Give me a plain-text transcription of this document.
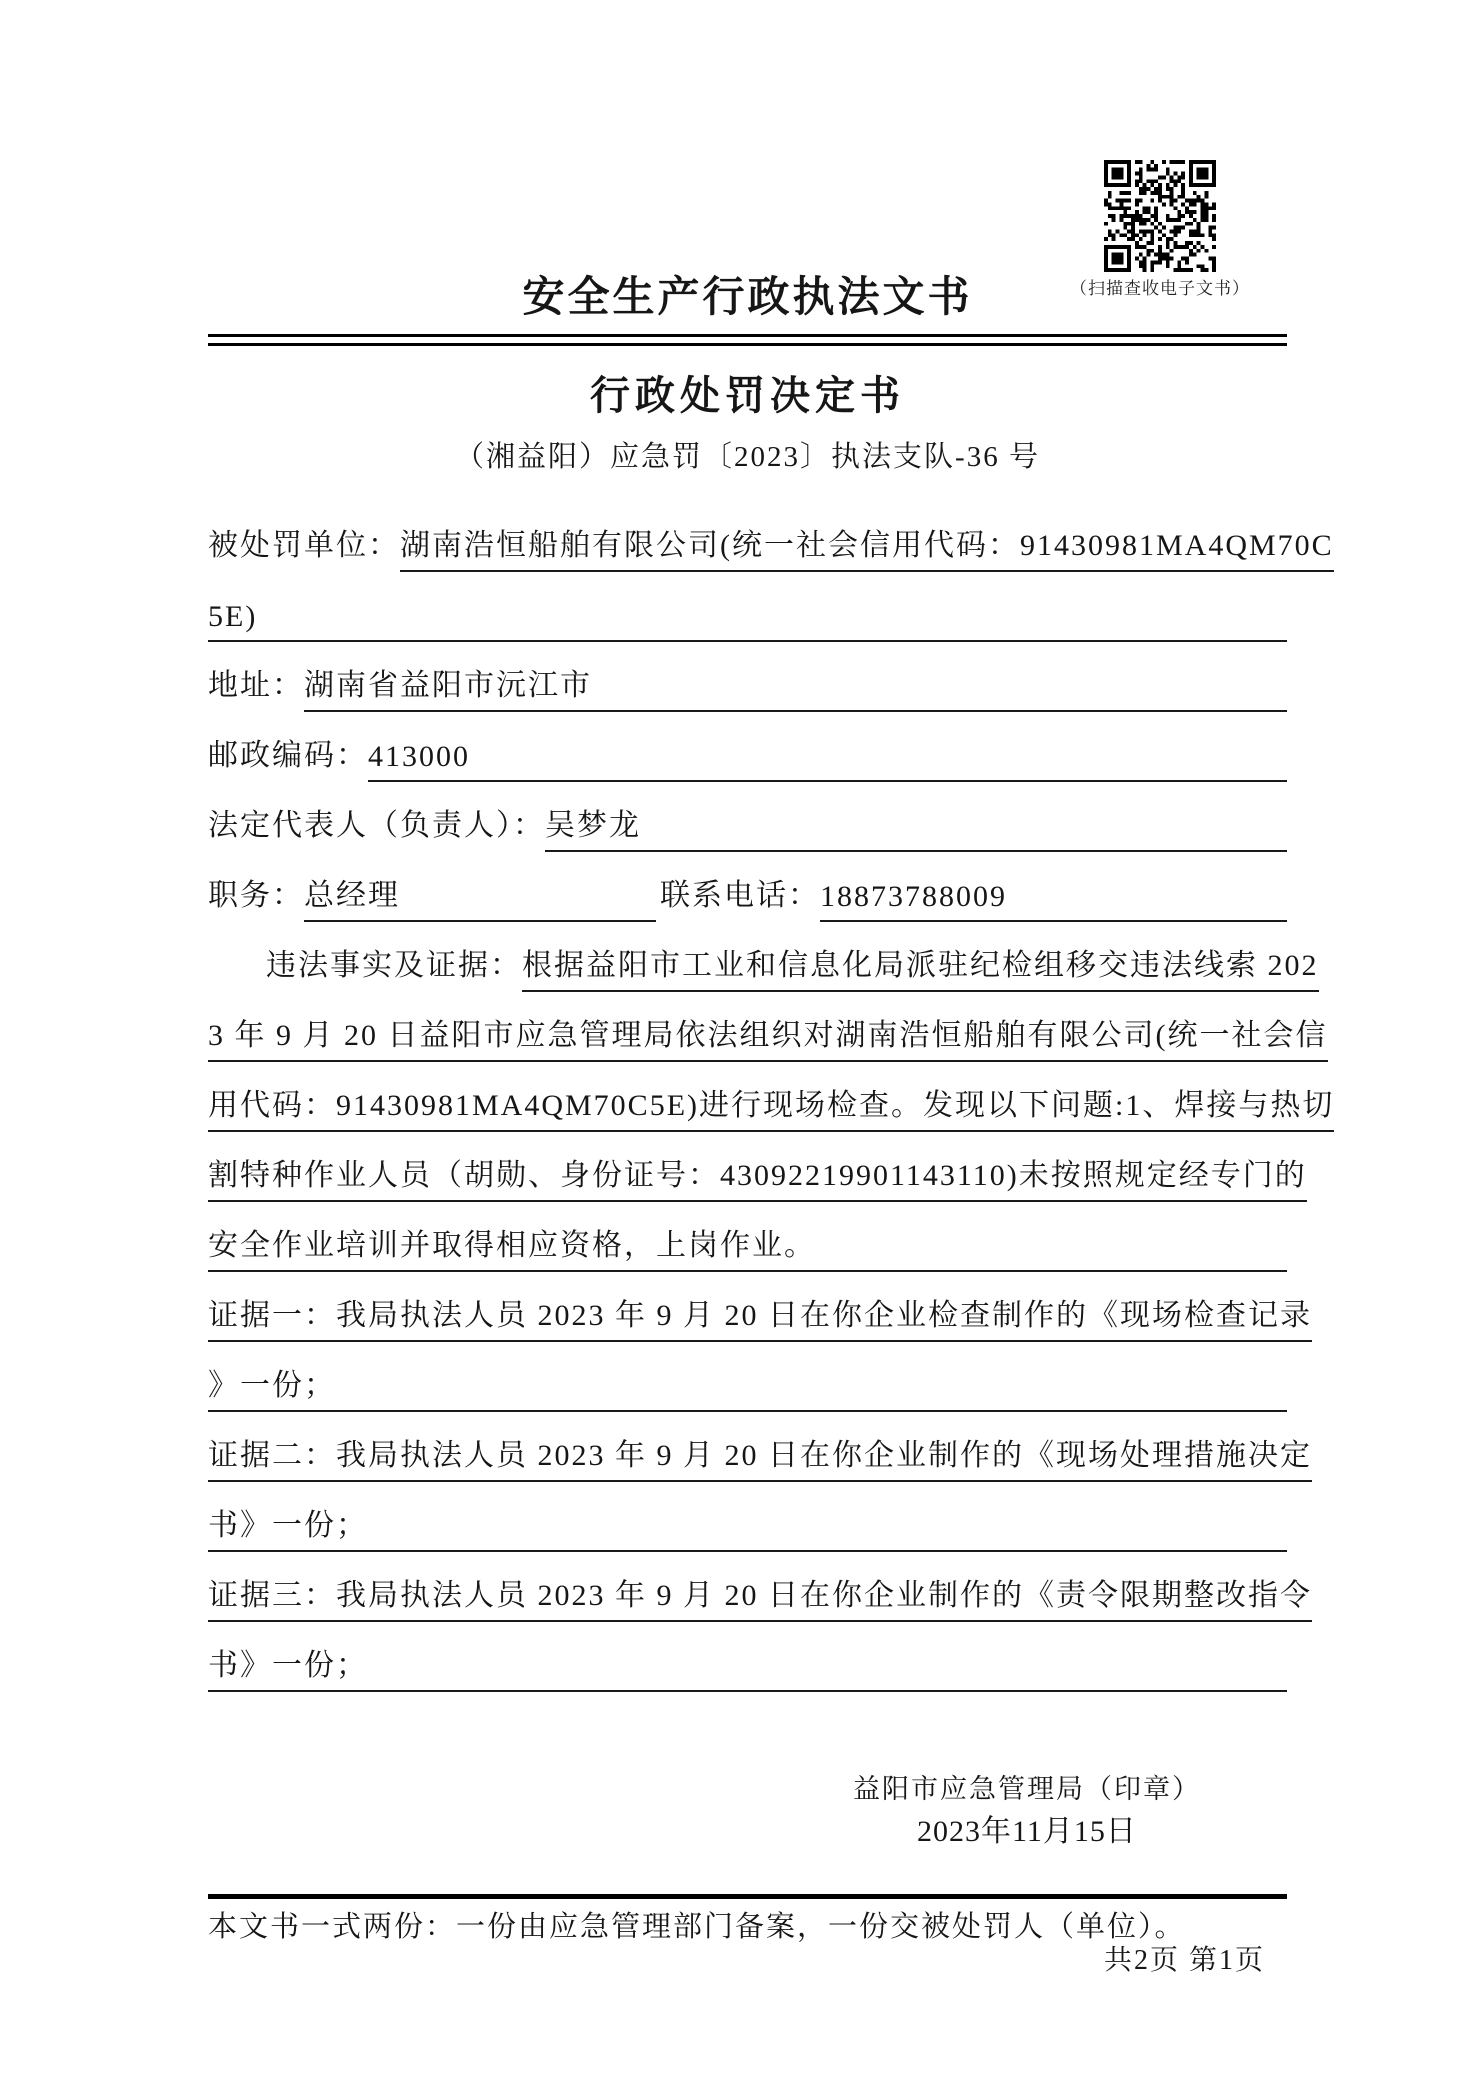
（扫描查收电子文书）
安全生产行政执法文书
行政处罚决定书
（湘益阳）应急罚〔2023〕执法支队-36 号
被处罚单位： 湖南浩恒船舶有限公司(统一社会信用代码：91430981MA4QM70C
5E)
地址： 湖南省益阳市沅江市
邮政编码： 413000
法定代表人（负责人）： 吴梦龙
职务： 总经理	联系电话： 18873788009
违法事实及证据： 根据益阳市工业和信息化局派驻纪检组移交违法线索 202
3 年 9 月 20 日益阳市应急管理局依法组织对湖南浩恒船舶有限公司(统一社会信
用代码：91430981MA4QM70C5E)进行现场检查。发现以下问题:1、焊接与热切
割特种作业人员（胡勋、身份证号：43092219901143110)未按照规定经专门的
安全作业培训并取得相应资格，上岗作业。
证据一：我局执法人员 2023 年 9 月 20 日在你企业检查制作的《现场检查记录
》一份；
证据二：我局执法人员 2023 年 9 月 20 日在你企业制作的《现场处理措施决定
书》一份；
证据三：我局执法人员 2023 年 9 月 20 日在你企业制作的《责令限期整改指令
书》一份；
益阳市应急管理局（印章）
2023年11月15日
本文书一式两份：一份由应急管理部门备案，一份交被处罚人（单位）。
共2页 第1页
